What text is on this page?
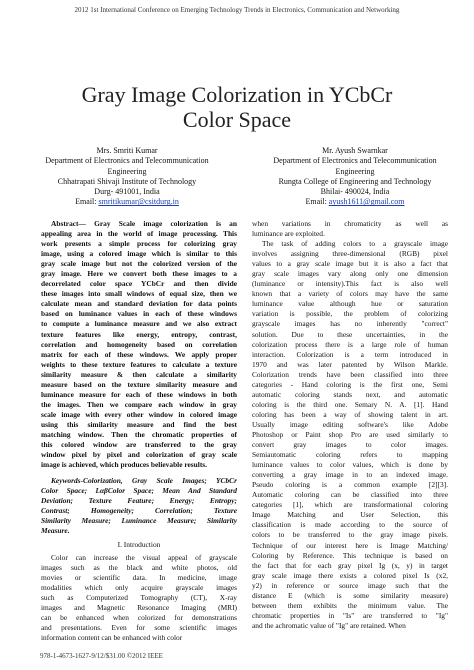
2012 1st International Conference on Emerging Technology Trends in Electronics, Communication and Networking
Gray Image Colorization in YCbCr
Color Space
Mrs. Smriti Kumar
Department of Electronics and Telecommunication
Engineering
Chhatrapati Shivaji Institute of Technology
Durg- 491001, India
Email: smritikumar@csitdurg.in
Mr. Ayush Swarnkar
Department of Electronics and Telecommunication
Engineering
Rungta College of Engineering and Technology
Bhilai- 490024, India
Email: ayush1611@gmail.com
Abstract— Gray Scale image colorization is an
appealing area in the world of image processing. This
work presents a simple process for colorizing gray
image, using a colored image which is similar to this
gray scale image but not the colorized version of the
gray image. Here we convert both these images to a
decorrelated color space YCbCr and then divide
these images into small windows of equal size, then we
calculate mean and standard deviation for data points
based on luminance values in each of these windows
to compute a luminance measure and we also extract
texture features like energy, entropy, contrast,
correlation and homogeneity based on correlation
matrix for each of these windows. We apply proper
weights to these texture features to calculate a texture
similarity measure & then calculate a similarity
measure based on the texture similarity measure and
luminance measure for each of these windows in both
the images. Then we compare each window in gray
scale image with every other window in colored image
using this similarity measure and find the best
matching window. Then the chromatic properties of
this colored window are transferred to the gray
window pixel by pixel and colorization of gray scale
image is achieved, which produces believable results.
Keywords-Colorization, Gray Scale Images; YCbCr
Color Space; LαβColor Space; Mean And Standard
Deviation; Texture Feature; Energy; Entropy;
Contrast; Homogeneity; Correlation; Texture
Similarity Measure; Luminance Measure; Similarity
Measure.
I. Introduction
Color can increase the visual appeal of grayscale
images such as the black and white photos, old
movies or scientific data. In medicine, image
modalities which only acquire grayscale images
such as Computerized Tomography (CT), X-ray
images and Magnetic Resonance Imaging (MRI)
can be enhanced when colorized for demonstrations
and presentations. Even for some scientific images
information content can be enhanced with color
when variations in chromaticity as well as
luminance are exploited.
The task of adding colors to a grayscale image
involves assigning three-dimensional (RGB) pixel
values to a gray scale image but it is also a fact that
gray scale images vary along only one dimension
(luminance or intensity).This fact is also well
known that a variety of colors may have the same
luminance value although hue or saturation
variation is possible, the problem of colorizing
grayscale images has no inherently "correct"
solution. Due to these uncertainties, in the
colorization process there is a large role of human
interaction. Colorization is a term introduced in
1970 and was later patented by Wilson Markle.
Colorization trends have been classified into three
categories - Hand coloring is the first one, Semi
automatic coloring stands next, and automatic
coloring is the third one. Semary N. A. [1]. Hand
coloring has been a way of showing talent in art.
Usually image editing software's like Adobe
Photoshop or Paint shop Pro are used similarly to
convert gray images to color images.
Semiautomatic coloring refers to mapping
luminance values to color values, which is done by
converting a gray image in to an indexed image.
Pseudo coloring is a common example [2][3].
Automatic coloring can be classified into three
categories [1], which are transformational coloring
Image Matching and User Selection, this
classification is made according to the source of
colors to be transferred to the gray image pixels.
Technique of our interest here is Image Matching/
Coloring by Reference. This technique is based on
the fact that for each gray pixel Ig (x, y) in target
gray scale image there exists a colored pixel Is (x2,
y2) in reference or source image such that the
distance E (which is some similarity measure)
between them exhibits the minimum value. The
chromatic properties in "Is" are transferred to "Ig"
and the achromatic value of "Ig" are retained. When
978-1-4673-1627-9/12/$31.00 ©2012 IEEE
